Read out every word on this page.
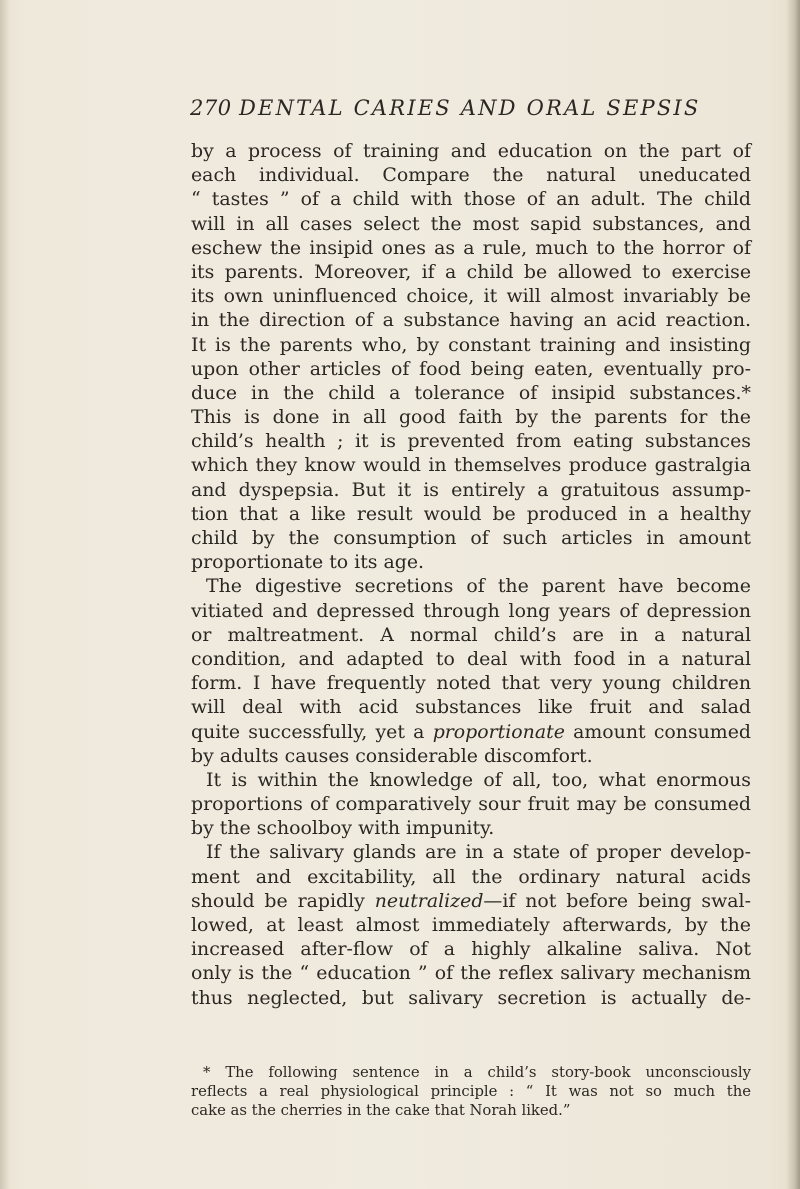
270 DENTAL CARIES AND ORAL SEPSIS
by a process of training and education on the part of
each individual. Compare the natural uneducated
“ tastes ” of a child with those of an adult. The child
will in all cases select the most sapid substances, and
eschew the insipid ones as a rule, much to the horror of
its parents. Moreover, if a child be allowed to exercise
its own uninfluenced choice, it will almost invariably be
in the direction of a substance having an acid reaction.
It is the parents who, by constant training and insisting
upon other articles of food being eaten, eventually pro-
duce in the child a tolerance of insipid substances.*
This is done in all good faith by the parents for the
child’s health ; it is prevented from eating substances
which they know would in themselves produce gastralgia
and dyspepsia. But it is entirely a gratuitous assump-
tion that a like result would be produced in a healthy
child by the consumption of such articles in amount
proportionate to its age.
The digestive secretions of the parent have become
vitiated and depressed through long years of depression
or maltreatment. A normal child’s are in a natural
condition, and adapted to deal with food in a natural
form. I have frequently noted that very young children
will deal with acid substances like fruit and salad
quite successfully, yet a proportionate amount consumed
by adults causes considerable discomfort.
It is within the knowledge of all, too, what enormous
proportions of comparatively sour fruit may be consumed
by the schoolboy with impunity.
If the salivary glands are in a state of proper develop-
ment and excitability, all the ordinary natural acids
should be rapidly neutralized—if not before being swal-
lowed, at least almost immediately afterwards, by the
increased after-flow of a highly alkaline saliva. Not
only is the “ education ” of the reflex salivary mechanism
thus neglected, but salivary secretion is actually de-
* The following sentence in a child’s story-book unconsciously
reflects a real physiological principle : “ It was not so much the
cake as the cherries in the cake that Norah liked.”
